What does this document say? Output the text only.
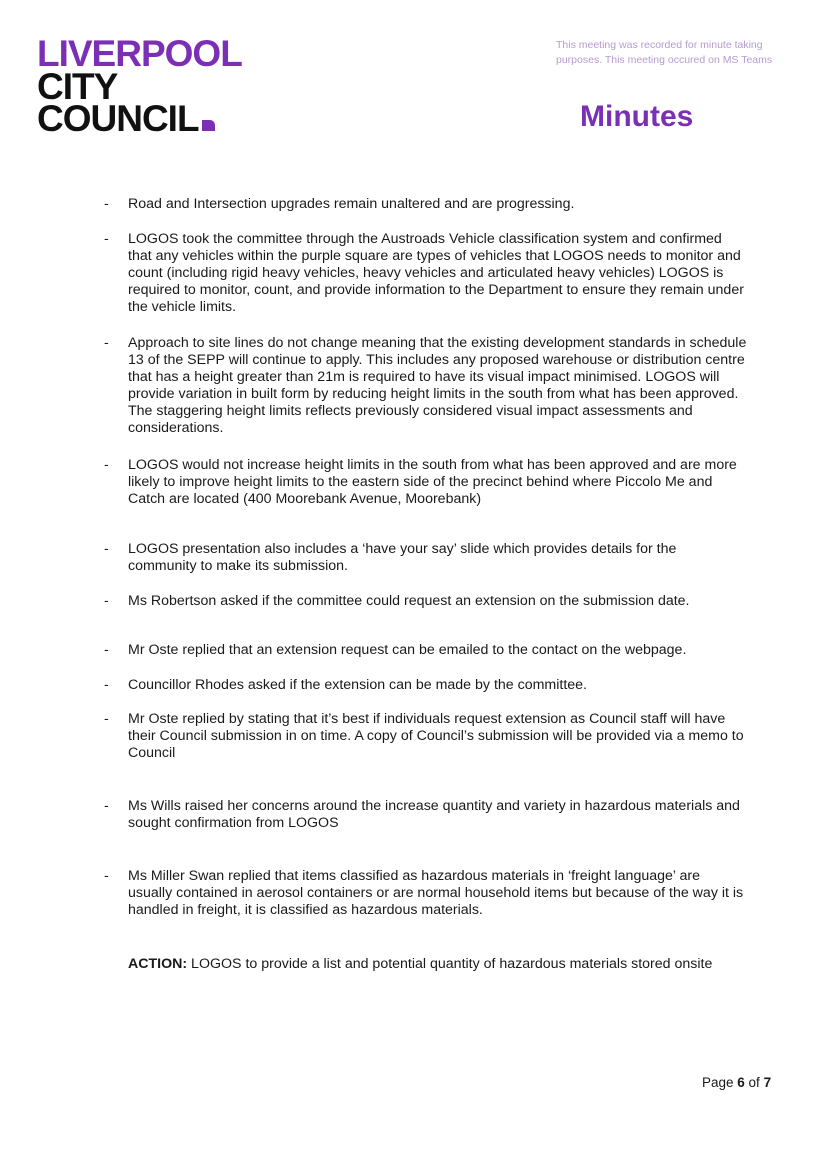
LIVERPOOL
CITY
COUNCIL
This meeting was recorded for minute taking purposes. This meeting occured on MS Teams
Minutes
- Road and Intersection upgrades remain unaltered and are progressing.
- LOGOS took the committee through the Austroads Vehicle classification system and confirmed that any vehicles within the purple square are types of vehicles that LOGOS needs to monitor and count (including rigid heavy vehicles, heavy vehicles and articulated heavy vehicles) LOGOS is required to monitor, count, and provide information to the Department to ensure they remain under the vehicle limits.
- Approach to site lines do not change meaning that the existing development standards in schedule 13 of the SEPP will continue to apply. This includes any proposed warehouse or distribution centre that has a height greater than 21m is required to have its visual impact minimised. LOGOS will provide variation in built form by reducing height limits in the south from what has been approved. The staggering height limits reflects previously considered visual impact assessments and considerations.
- LOGOS would not increase height limits in the south from what has been approved and are more likely to improve height limits to the eastern side of the precinct behind where Piccolo Me and Catch are located (400 Moorebank Avenue, Moorebank)
- LOGOS presentation also includes a ‘have your say’ slide which provides details for the community to make its submission.
- Ms Robertson asked if the committee could request an extension on the submission date.
- Mr Oste replied that an extension request can be emailed to the contact on the webpage.
- Councillor Rhodes asked if the extension can be made by the committee.
- Mr Oste replied by stating that it’s best if individuals request extension as Council staff will have their Council submission in on time. A copy of Council’s submission will be provided via a memo to Council
- Ms Wills raised her concerns around the increase quantity and variety in hazardous materials and sought confirmation from LOGOS
- Ms Miller Swan replied that items classified as hazardous materials in ‘freight language’ are usually contained in aerosol containers or are normal household items but because of the way it is handled in freight, it is classified as hazardous materials.
ACTION: LOGOS to provide a list and potential quantity of hazardous materials stored onsite
Page 6 of 7
